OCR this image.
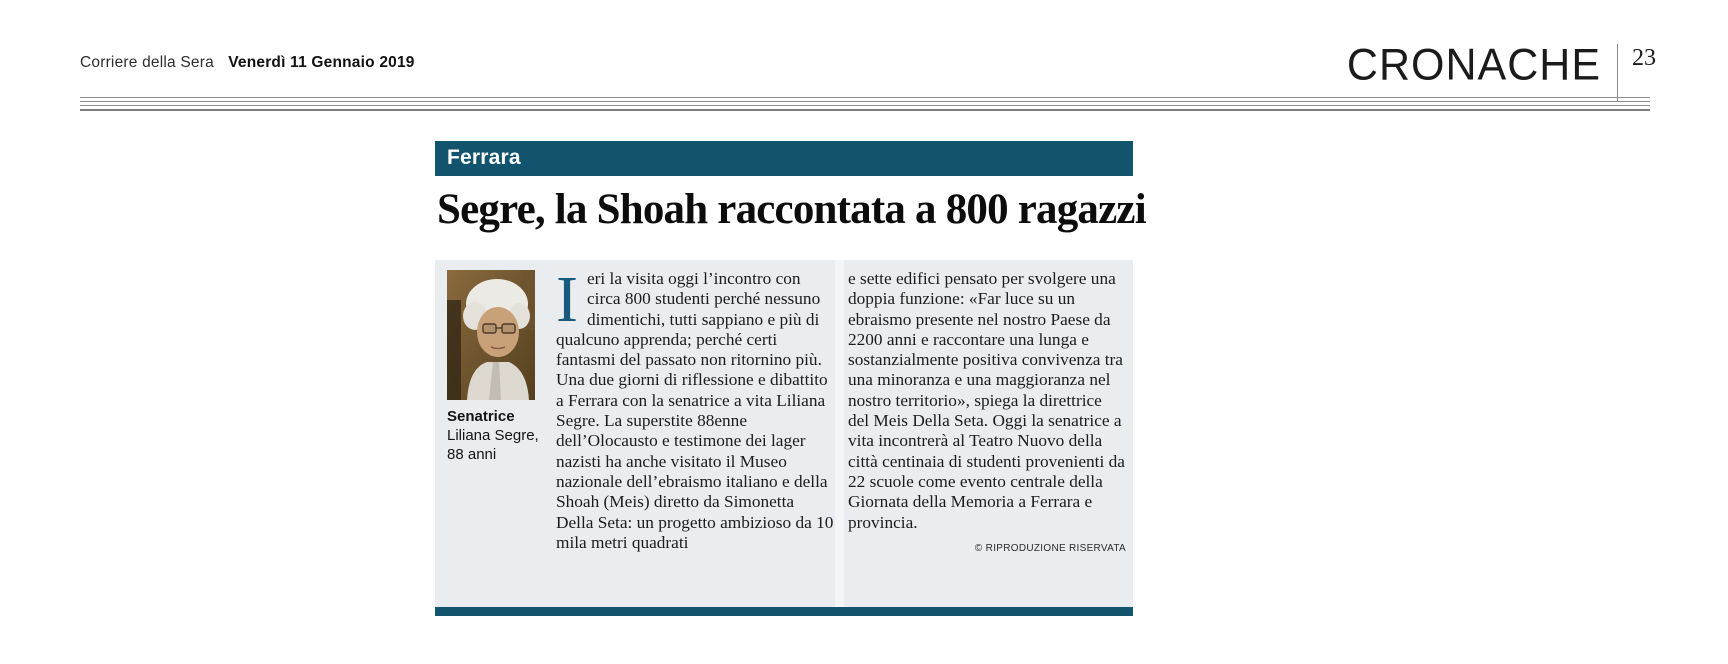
Corriere della Sera Venerdì 11 Gennaio 2019	CRONACHE 23
Ferrara
Segre, la Shoah raccontata a 800 ragazzi
Senatrice
Liliana Segre,
88 anni
Ieri la visita oggi l’incontro con circa 800 studenti perché nessuno dimentichi, tutti sappiano e più di qualcuno apprenda; perché certi fantasmi del passato non ritornino più. Una due giorni di riflessione e dibattito a Ferrara con la senatrice a vita Liliana Segre. La superstite 88enne dell’Olocausto e testimone dei lager nazisti ha anche visitato il Museo nazionale dell’ebraismo italiano e della Shoah (Meis) diretto da Simonetta Della Seta: un progetto ambizioso da 10 mila metri quadrati
e sette edifici pensato per svolgere una doppia funzione: «Far luce su un ebraismo presente nel nostro Paese da 2200 anni e raccontare una lunga e sostanzialmente positiva convivenza tra una minoranza e una maggioranza nel nostro territorio», spiega la direttrice del Meis Della Seta. Oggi la senatrice a vita incontrerà al Teatro Nuovo della città centinaia di studenti provenienti da 22 scuole come evento centrale della Giornata della Memoria a Ferrara e provincia.
© RIPRODUZIONE RISERVATA
